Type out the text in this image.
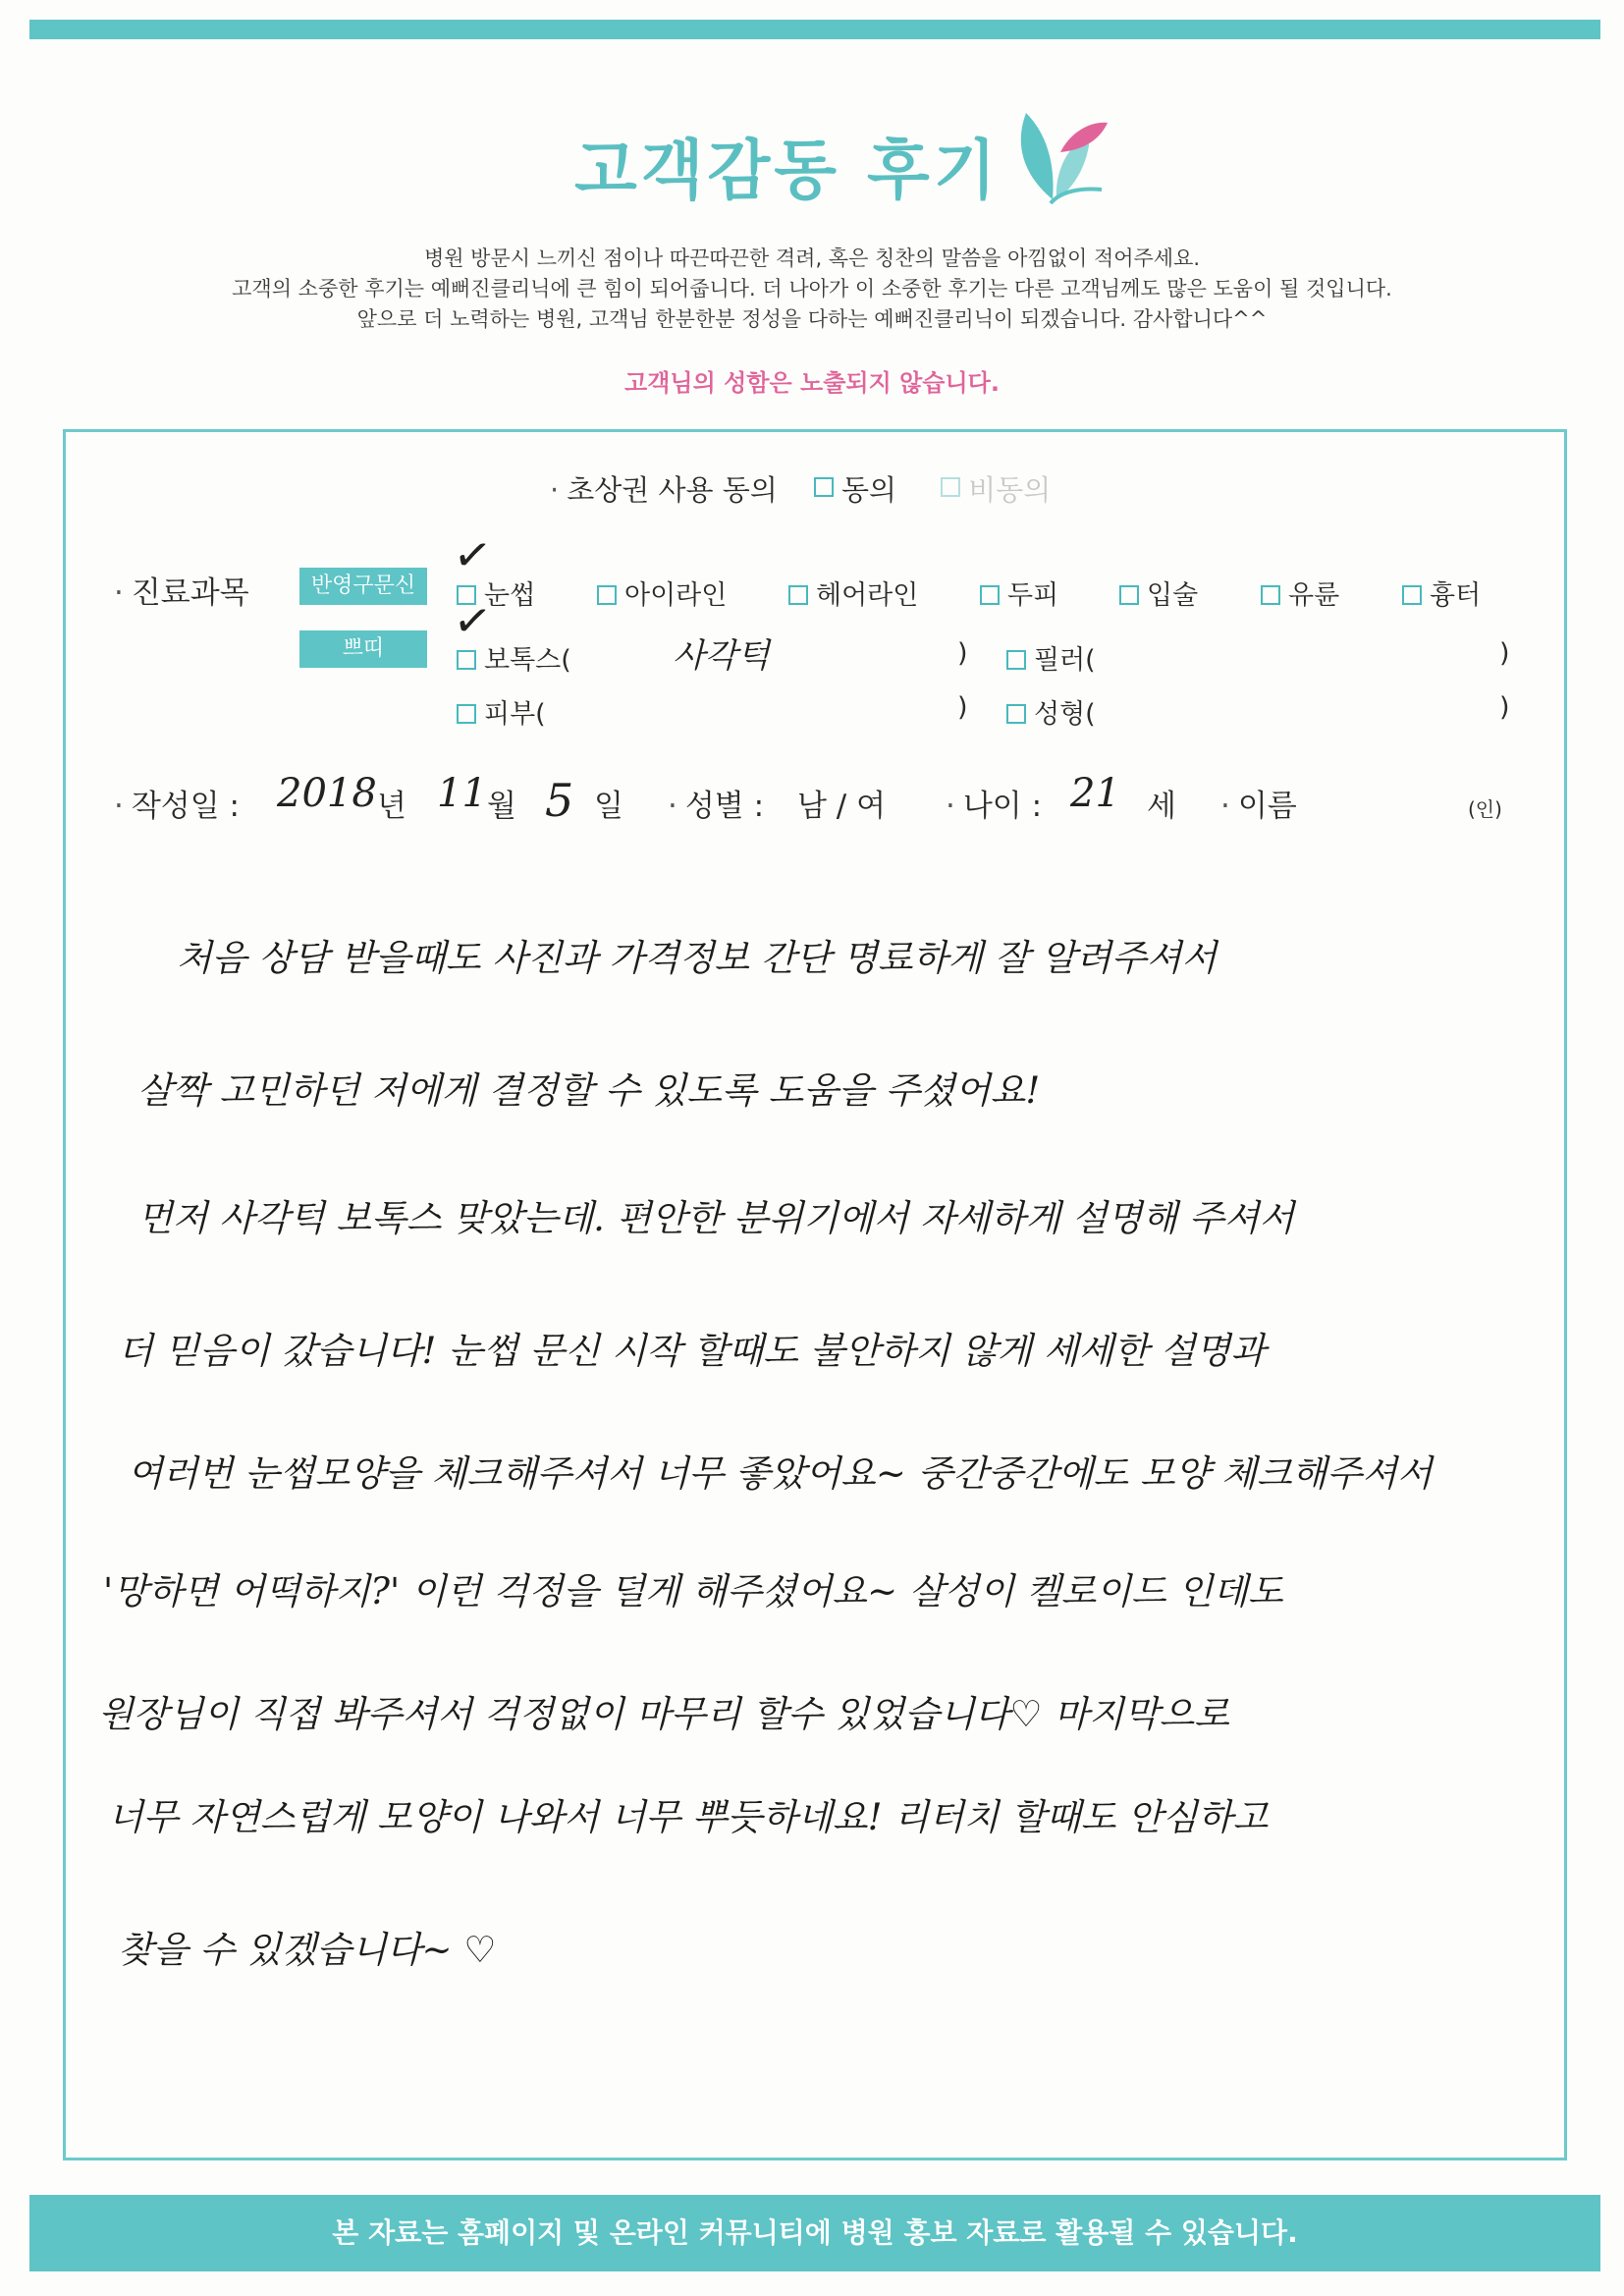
고객감동 후기
병원 방문시 느끼신 점이나 따끈따끈한 격려, 혹은 칭찬의 말씀을 아낌없이 적어주세요.
고객의 소중한 후기는 예뻐진클리닉에 큰 힘이 되어줍니다. 더 나아가 이 소중한 후기는 다른 고객님께도 많은 도움이 될 것입니다.
앞으로 더 노력하는 병원, 고객님 한분한분 정성을 다하는 예뻐진클리닉이 되겠습니다. 감사합니다^^
고객님의 성함은 노출되지 않습니다.
· 초상권 사용 동의 동의	비동의
· 진료과목	반영구문신
쁘띠
✓
눈썹	아이라인	헤어라인	두피	입술	유륜	흉터
✓
보톡스(	사각턱	)	필러(	)
피부(	)	성형(	)
· 작성일 : 2018 년 11 월 5 일	· 성별 : 남 / 여	· 나이 : 21 세	· 이름	(인)
처음 상담 받을때도 사진과 가격정보 간단 명료하게 잘 알려주셔서
살짝 고민하던 저에게 결정할 수 있도록 도움을 주셨어요!
먼저 사각턱 보톡스 맞았는데. 편안한 분위기에서 자세하게 설명해 주셔서
더 믿음이 갔습니다! 눈썹 문신 시작 할때도 불안하지 않게 세세한 설명과
여러번 눈썹모양을 체크해주셔서 너무 좋았어요~ 중간중간에도 모양 체크해주셔서
'망하면 어떡하지?' 이런 걱정을 덜게 해주셨어요~ 살성이 켈로이드 인데도
원장님이 직접 봐주셔서 걱정없이 마무리 할수 있었습니다♡ 마지막으로
너무 자연스럽게 모양이 나와서 너무 뿌듯하네요! 리터치 할때도 안심하고
찾을 수 있겠습니다~ ♡
본 자료는 홈페이지 및 온라인 커뮤니티에 병원 홍보 자료로 활용될 수 있습니다.
